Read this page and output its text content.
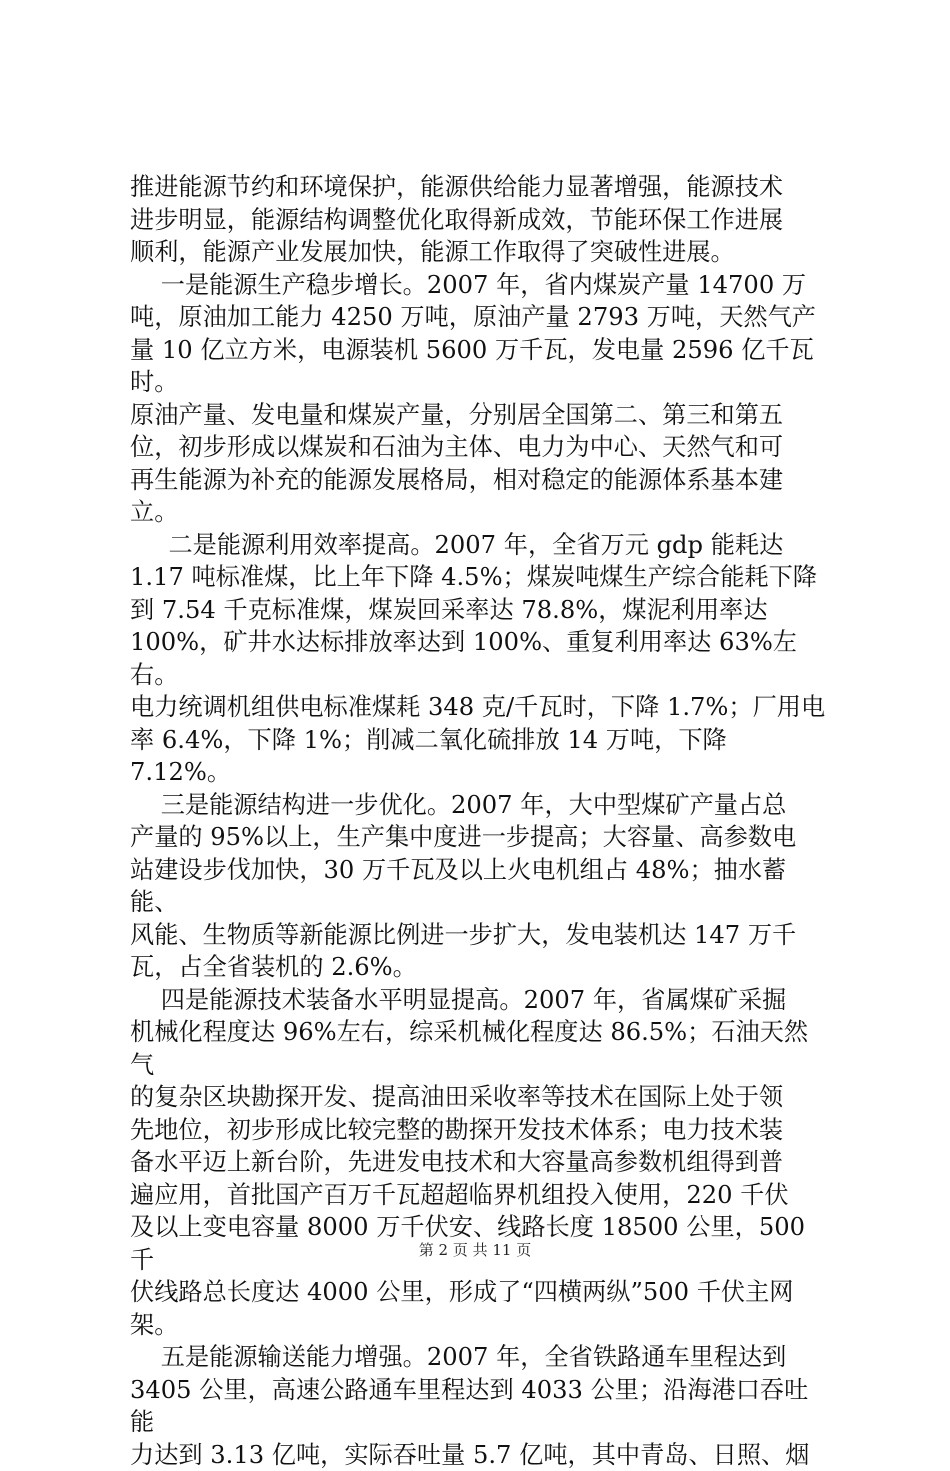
推进能源节约和环境保护，能源供给能力显著增强，能源技术

进步明显，能源结构调整优化取得新成效，节能环保工作进展

顺利，能源产业发展加快，能源工作取得了突破性进展。

一是能源生产稳步增长。2007 年，省内煤炭产量 14700 万

吨，原油加工能力 4250 万吨，原油产量 2793 万吨，天然气产

量 10 亿立方米，电源装机 5600 万千瓦，发电量 2596 亿千瓦时。

原油产量、发电量和煤炭产量，分别居全国第二、第三和第五

位，初步形成以煤炭和石油为主体、电力为中心、天然气和可

再生能源为补充的能源发展格局，相对稳定的能源体系基本建

立。

二是能源利用效率提高。2007 年，全省万元 gdp 能耗达

1.17 吨标准煤，比上年下降 4.5%；煤炭吨煤生产综合能耗下降

到 7.54 千克标准煤，煤炭回采率达 78.8%，煤泥利用率达

100%，矿井水达标排放率达到 100%、重复利用率达 63%左右。

电力统调机组供电标准煤耗 348 克/千瓦时，下降 1.7%；厂用电

率 6.4%，下降 1%；削减二氧化硫排放 14 万吨，下降 7.12%。

三是能源结构进一步优化。2007 年，大中型煤矿产量占总

产量的 95%以上，生产集中度进一步提高；大容量、高参数电

站建设步伐加快，30 万千瓦及以上火电机组占 48%；抽水蓄能、

风能、生物质等新能源比例进一步扩大，发电装机达 147 万千

瓦，占全省装机的 2.6%。

四是能源技术装备水平明显提高。2007 年，省属煤矿采掘

机械化程度达 96%左右，综采机械化程度达 86.5%；石油天然气

的复杂区块勘探开发、提高油田采收率等技术在国际上处于领

先地位，初步形成比较完整的勘探开发技术体系；电力技术装

备水平迈上新台阶，先进发电技术和大容量高参数机组得到普

遍应用，首批国产百万千瓦超超临界机组投入使用，220 千伏

及以上变电容量 8000 万千伏安、线路长度 18500 公里，500 千

伏线路总长度达 4000 公里，形成了“四横两纵”500 千伏主网

架。

五是能源输送能力增强。2007 年，全省铁路通车里程达到

3405 公里，高速公路通车里程达到 4033 公里；沿海港口吞吐能

力达到 3.13 亿吨，实际吞吐量 5.7 亿吨，其中青岛、日照、烟

第 2 页 共 11 页
